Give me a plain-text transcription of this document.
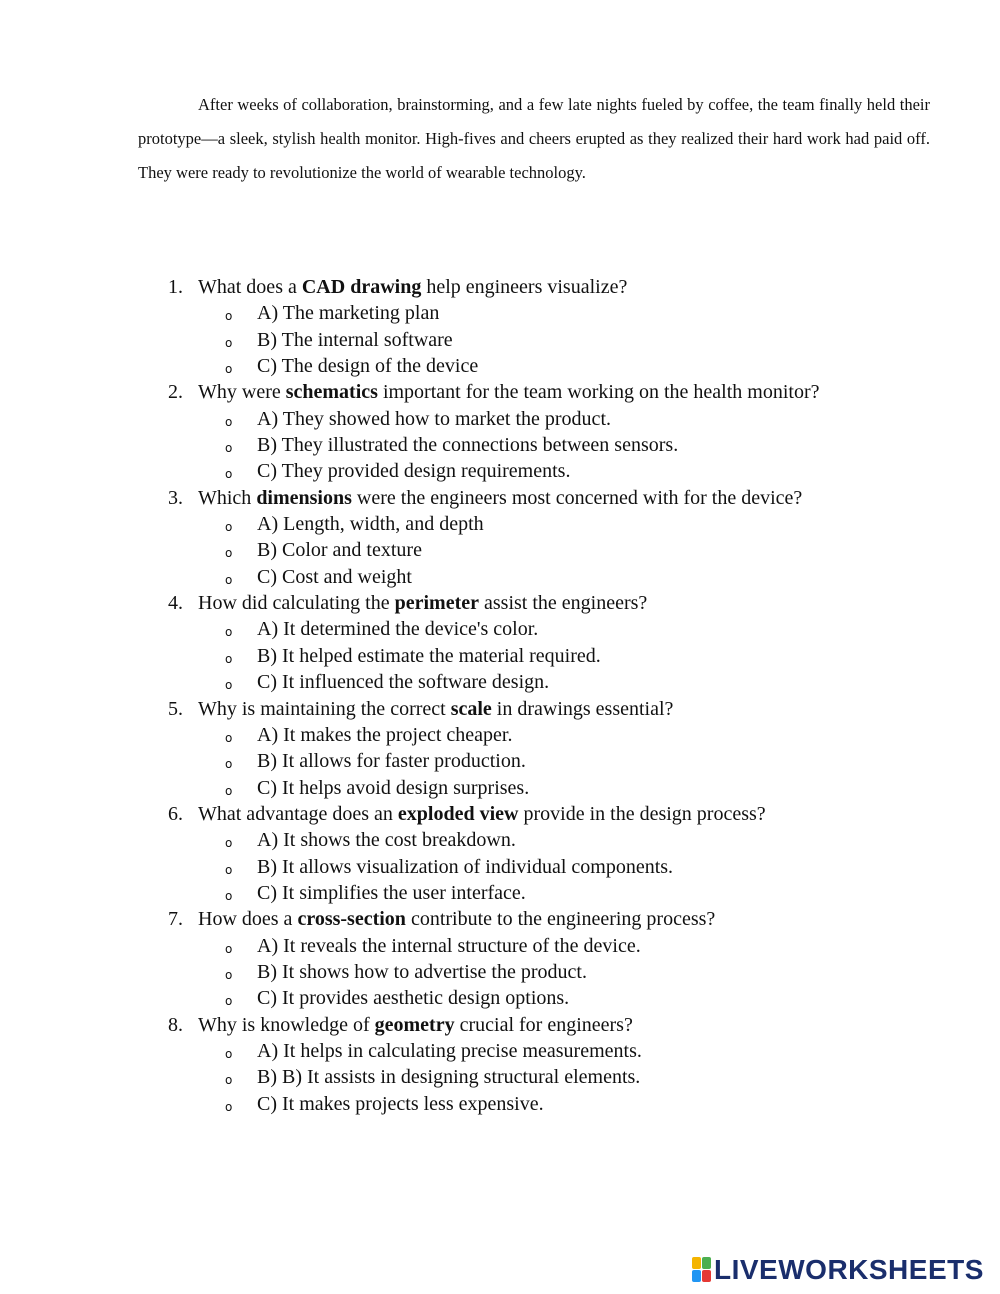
After weeks of collaboration, brainstorming, and a few late nights fueled by coffee, the team finally held their prototype—a sleek, stylish health monitor. High-fives and cheers erupted as they realized their hard work had paid off. They were ready to revolutionize the world of wearable technology.

1. What does a CAD drawing help engineers visualize?
o A) The marketing plan
o B) The internal software
o C) The design of the device
2. Why were schematics important for the team working on the health monitor?
o A) They showed how to market the product.
o B) They illustrated the connections between sensors.
o C) They provided design requirements.
3. Which dimensions were the engineers most concerned with for the device?
o A) Length, width, and depth
o B) Color and texture
o C) Cost and weight
4. How did calculating the perimeter assist the engineers?
o A) It determined the device's color.
o B) It helped estimate the material required.
o C) It influenced the software design.
5. Why is maintaining the correct scale in drawings essential?
o A) It makes the project cheaper.
o B) It allows for faster production.
o C) It helps avoid design surprises.
6. What advantage does an exploded view provide in the design process?
o A) It shows the cost breakdown.
o B) It allows visualization of individual components.
o C) It simplifies the user interface.
7. How does a cross-section contribute to the engineering process?
o A) It reveals the internal structure of the device.
o B) It shows how to advertise the product.
o C) It provides aesthetic design options.
8. Why is knowledge of geometry crucial for engineers?
o A) It helps in calculating precise measurements.
o B) B) It assists in designing structural elements.
o C) It makes projects less expensive.
LIVEWORKSHEETS
